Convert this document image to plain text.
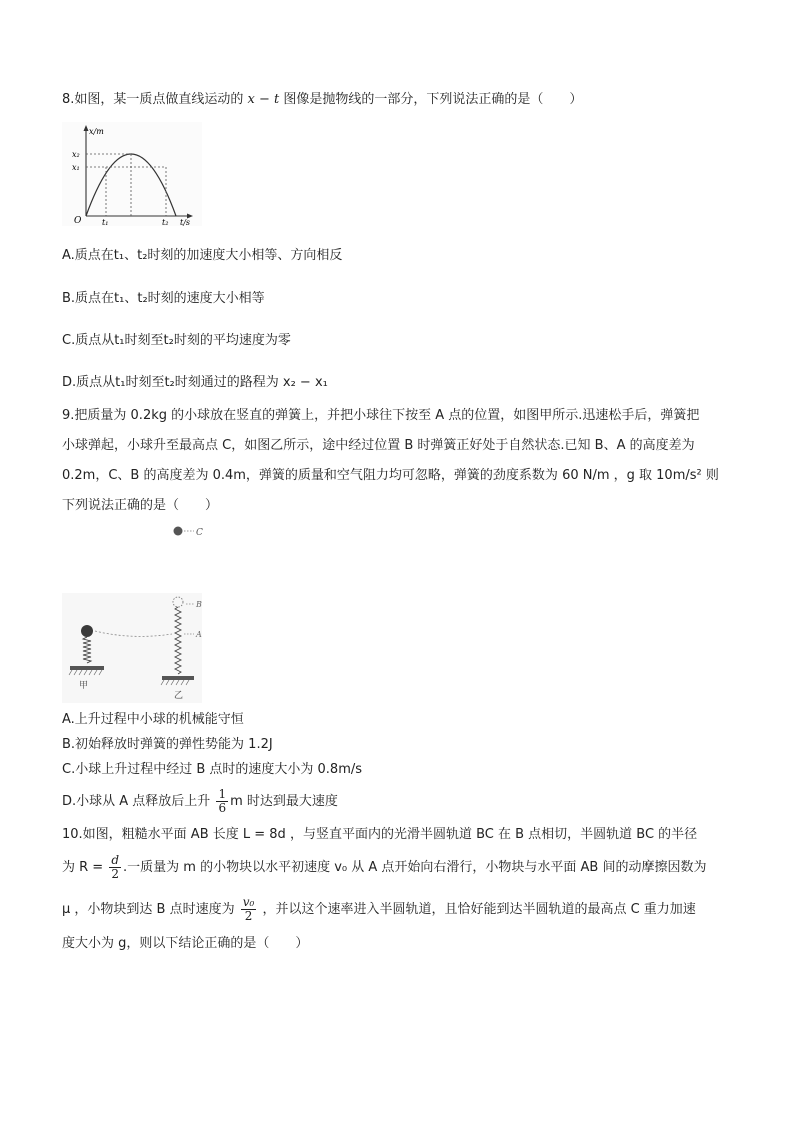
8.如图，某一质点做直线运动的 x − t 图像是抛物线的一部分，下列说法正确的是（　　）
x/m
x₂
x₁
O	t₁	t₂ t/s
A.质点在t₁、t₂时刻的加速度大小相等、方向相反
B.质点在t₁、t₂时刻的速度大小相等
C.质点从t₁时刻至t₂时刻的平均速度为零
D.质点从t₁时刻至t₂时刻通过的路程为 x₂ − x₁
9.把质量为 0.2kg 的小球放在竖直的弹簧上，并把小球往下按至 A 点的位置，如图甲所示.迅速松手后，弹簧把
小球弹起，小球升至最高点 C，如图乙所示，途中经过位置 B 时弹簧正好处于自然状态.已知 B、A 的高度差为
0.2m，C、B 的高度差为 0.4m，弹簧的质量和空气阻力均可忽略，弹簧的劲度系数为 60 N/m ，g 取 10m/s² 则
下列说法正确的是（　　）
C
甲
乙
B
A
A.上升过程中小球的机械能守恒
B.初始释放时弹簧的弹性势能为 1.2J
C.小球上升过程中经过 B 点时的速度大小为 0.8m/s
D.小球从 A 点释放后上升 $\frac{1}{6}$ m 时达到最大速度
10.如图，粗糙水平面 AB 长度 L = 8d ，与竖直平面内的光滑半圆轨道 BC 在 B 点相切，半圆轨道 BC 的半径
为 $R = \frac{d}{2}$ .一质量为 m 的小物块以水平初速度 v₀ 从 A 点开始向右滑行，小物块与水平面 AB 间的动摩擦因数为
μ ，小物块到达 B 点时速度为 $\frac{\text{v₀}}{2}$ ，并以这个速率进入半圆轨道，且恰好能到达半圆轨道的最高点 C 重力加速
度大小为 g，则以下结论正确的是（　　）
